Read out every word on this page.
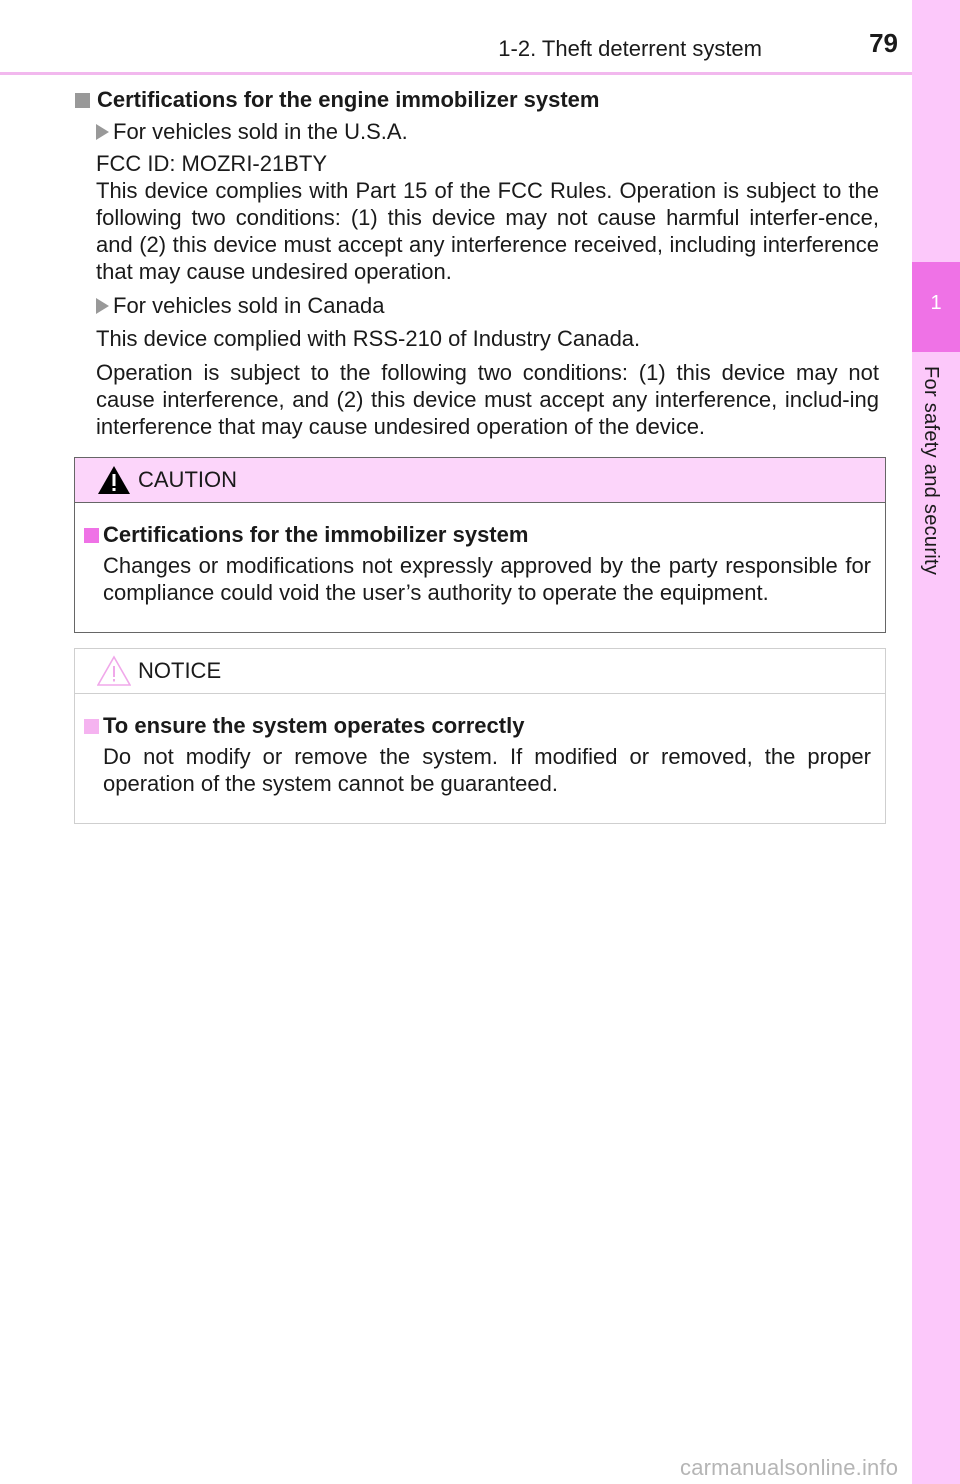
1-2. Theft deterrent system	79
1
For safety and security
Certifications for the engine immobilizer system
For vehicles sold in the U.S.A.
FCC ID: MOZRI-21BTY
This device complies with Part 15 of the FCC Rules. Operation is subject to the following two conditions: (1) this device may not cause harmful interfer-ence, and (2) this device must accept any interference received, including interference that may cause undesired operation.
For vehicles sold in Canada
This device complied with RSS-210 of Industry Canada.
Operation is subject to the following two conditions: (1) this device may not cause interference, and (2) this device must accept any interference, includ-ing interference that may cause undesired operation of the device.
CAUTION
Certifications for the immobilizer system
Changes or modifications not expressly approved by the party responsible for compliance could void the user’s authority to operate the equipment.
NOTICE
To ensure the system operates correctly
Do not modify or remove the system. If modified or removed, the proper operation of the system cannot be guaranteed.
carmanualsonline.info
